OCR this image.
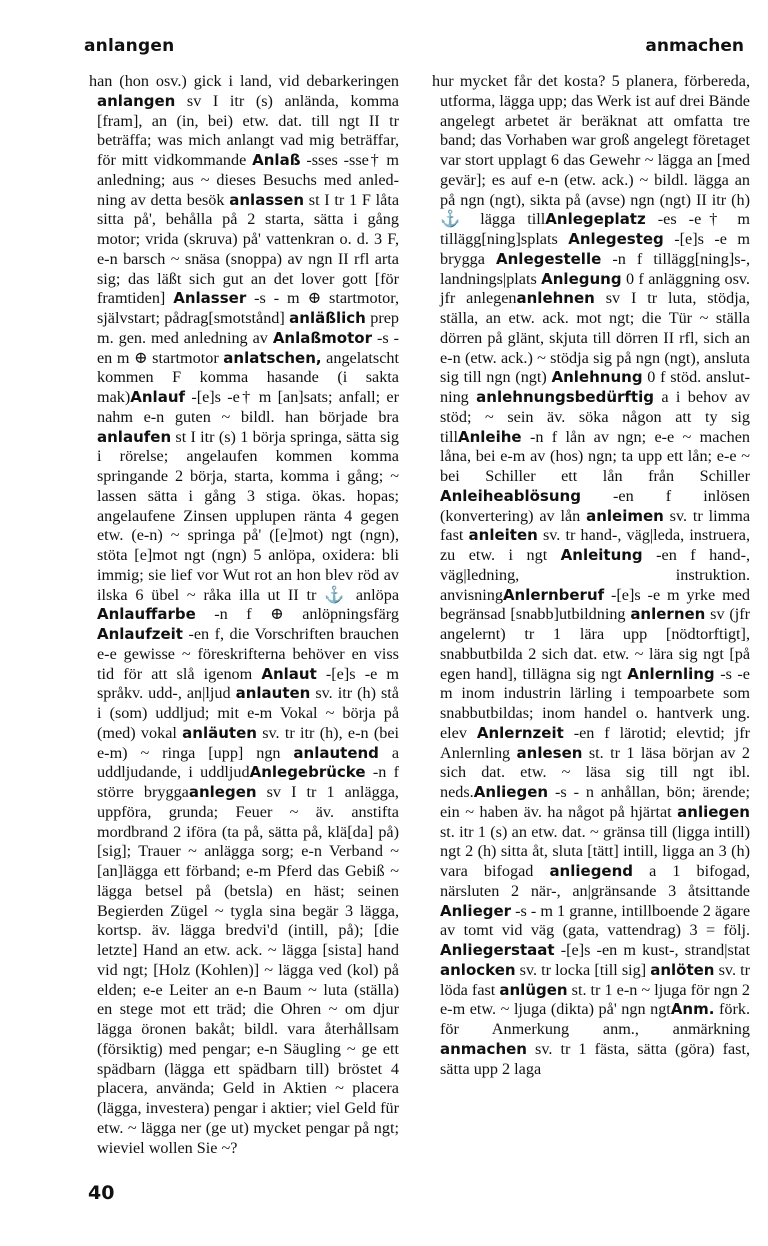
anlangen	anmachen

han (hon osv.) gick i land, vid debarkeringen anlangen sv I itr (s) anlända, komma [fram], an (in, bei) etw. dat. till ngt II tr beträffa; was mich anlangt vad mig beträffar, för mitt vidkommande Anlaß -sses -sse† m anledning; aus ~ dieses Besuchs med anledning av detta besök anlassen st I tr 1 F låta sitta på', behålla på 2 starta, sätta i gång motor; vrida (skruva) på' vattenkran o. d. 3 F, e-n barsch ~ snäsa (snoppa) av ngn II rfl arta sig; das läßt sich gut an det lover gott [för framtiden] Anlasser -s - m ⊕ startmotor, självstart; pådrag[smotstånd] anläßlich prep m. gen. med anledning av Anlaßmotor -s -en m ⊕ startmotor anlatschen, angelatscht kommen F komma hasande (i sakta mak)Anlauf -[e]s -e† m [an]sats; anfall; er nahm e-n guten ~ bildl. han började bra anlaufen st I itr (s) 1 börja springa, sätta sig i rörelse; angelaufen kommen komma springande 2 börja, starta, komma i gång; ~ lassen sätta i gång 3 stiga. ökas. hopas; angelaufene Zinsen upplupen ränta 4 gegen etw. (e-n) ~ springa på' ([e]mot) ngt (ngn), stöta [e]mot ngt (ngn) 5 anlöpa, oxidera: bli immig; sie lief vor Wut rot an hon blev röd av ilska 6 übel ~ råka illa ut II tr ⚓ anlöpa Anlauffarbe -n f ⊕ anlöpningsfärg Anlaufzeit -en f, die Vorschriften brauchen e-e gewisse ~ föreskrifterna behöver en viss tid för att slå igenom Anlaut -[e]s -e m språkv. udd-, an|ljud anlauten sv. itr (h) stå i (som) uddljud; mit e-m Vokal ~ börja på (med) vokal anläuten sv. tr itr (h), e-n (bei e-m) ~ ringa [upp] ngn anlautend a uddljudande, i uddljudAnlegebrücke -n f större bryggaanlegen sv I tr 1 anlägga, uppföra, grunda; Feuer ~ äv. anstifta mordbrand 2 iföra (ta på, sätta på, klä[da] på) [sig]; Trauer ~ anlägga sorg; e-n Verband ~ [an]lägga ett förband; e-m Pferd das Gebiß ~ lägga betsel på (betsla) en häst; seinen Begierden Zügel ~ tygla sina begär 3 lägga, kortsp. äv. lägga bredvi'd (intill, på); [die letzte] Hand an etw. ack. ~ lägga [sista] hand vid ngt; [Holz (Kohlen)] ~ lägga ved (kol) på elden; e-e Leiter an e-n Baum ~ luta (ställa) en stege mot ett träd; die Ohren ~ om djur lägga öronen bakåt; bildl. vara återhållsam (försiktig) med pengar; e-n Säugling ~ ge ett spädbarn (lägga ett spädbarn till) bröstet 4 placera, använda; Geld in Aktien ~ placera (lägga, investera) pengar i aktier; viel Geld für etw. ~ lägga ner (ge ut) mycket pengar på ngt; wieviel wollen Sie ~?

hur mycket får det kosta? 5 planera, förbereda, utforma, lägga upp; das Werk ist auf drei Bände angelegt arbetet är beräknat att omfatta tre band; das Vorhaben war groß angelegt företaget var stort upplagt 6 das Gewehr ~ lägga an [med gevär]; es auf e-n (etw. ack.) ~ bildl. lägga an på ngn (ngt), sikta på (avse) ngn (ngt) II itr (h) ⚓ lägga tillAnlegeplatz -es -e† m tillägg[ning]splats Anlegesteg -[e]s -e m brygga Anlegestelle -n f tillägg[ning]s-, landnings|plats Anlegung 0 f anläggning osv. jfr anlegenanlehnen sv I tr luta, stödja, ställa, an etw. ack. mot ngt; die Tür ~ ställa dörren på glänt, skjuta till dörren II rfl, sich an e-n (etw. ack.) ~ stödja sig på ngn (ngt), ansluta sig till ngn (ngt) Anlehnung 0 f stöd. anslutning anlehnungsbedürftig a i behov av stöd; ~ sein äv. söka någon att ty sig tillAnleihe -n f lån av ngn; e-e ~ machen låna, bei e-m av (hos) ngn; ta upp ett lån; e-e ~ bei Schiller ett lån från Schiller Anleiheablösung -en f inlösen (konvertering) av lån anleimen sv. tr limma fast anleiten sv. tr hand-, väg|leda, instruera, zu etw. i ngt Anleitung -en f hand-, väg|ledning, instruktion. anvisningAnlernberuf -[e]s -e m yrke med begränsad [snabb]utbildning anlernen sv (jfr angelernt) tr 1 lära upp [nödtorftigt], snabbutbilda 2 sich dat. etw. ~ lära sig ngt [på egen hand], tillägna sig ngt Anlernling -s -e m inom industrin lärling i tempoarbete som snabbutbildas; inom handel o. hantverk ung. elev Anlernzeit -en f lärotid; elevtid; jfr Anlernling anlesen st. tr 1 läsa början av 2 sich dat. etw. ~ läsa sig till ngt ibl. neds.Anliegen -s - n anhållan, bön; ärende; ein ~ haben äv. ha något på hjärtat anliegen st. itr 1 (s) an etw. dat. ~ gränsa till (ligga intill) ngt 2 (h) sitta åt, sluta [tätt] intill, ligga an 3 (h) vara bifogad anliegend a 1 bifogad, närsluten 2 när-, an|gränsande 3 åtsittande Anlieger -s - m 1 granne, intillboende 2 ägare av tomt vid väg (gata, vattendrag) 3 = följ. Anliegerstaat -[e]s -en m kust-, strand|stat anlocken sv. tr locka [till sig] anlöten sv. tr löda fast anlügen st. tr 1 e-n ~ ljuga för ngn 2 e-m etw. ~ ljuga (dikta) på' ngn ngtAnm. förk. för Anmerkung anm., anmärkning anmachen sv. tr 1 fästa, sätta (göra) fast, sätta upp 2 laga

40
